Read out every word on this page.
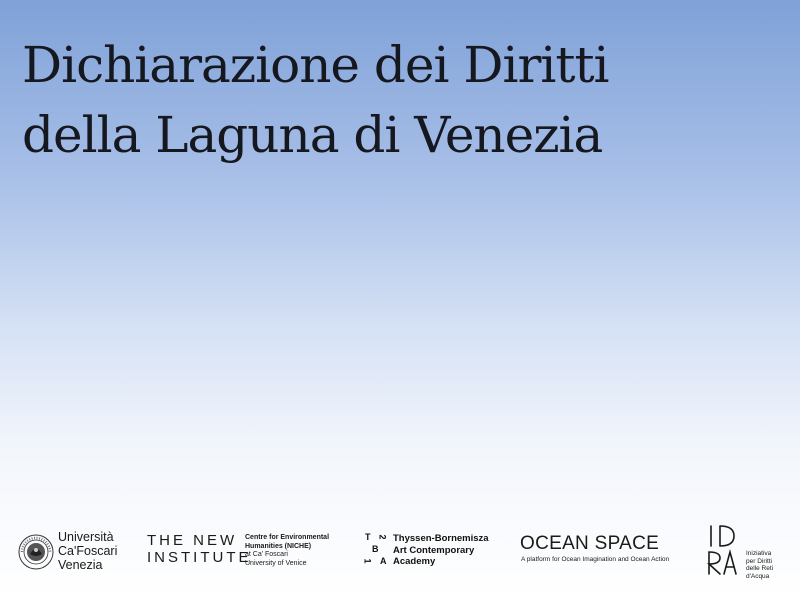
Dichiarazione dei Diritti
della Laguna di Venezia
Università
Ca'Foscari
Venezia
THE NEW
INSTITUTE
Centre for Environmental
Humanities (NICHE)
at Ca' Foscari
University of Venice
T 2
B
A
1
Thyssen-Bornemisza
Art Contemporary
Academy
OCEAN SPACE
A platform for Ocean Imagination and Ocean Action
Iniziativa
per Diritti
delle Reti
d'Acqua
